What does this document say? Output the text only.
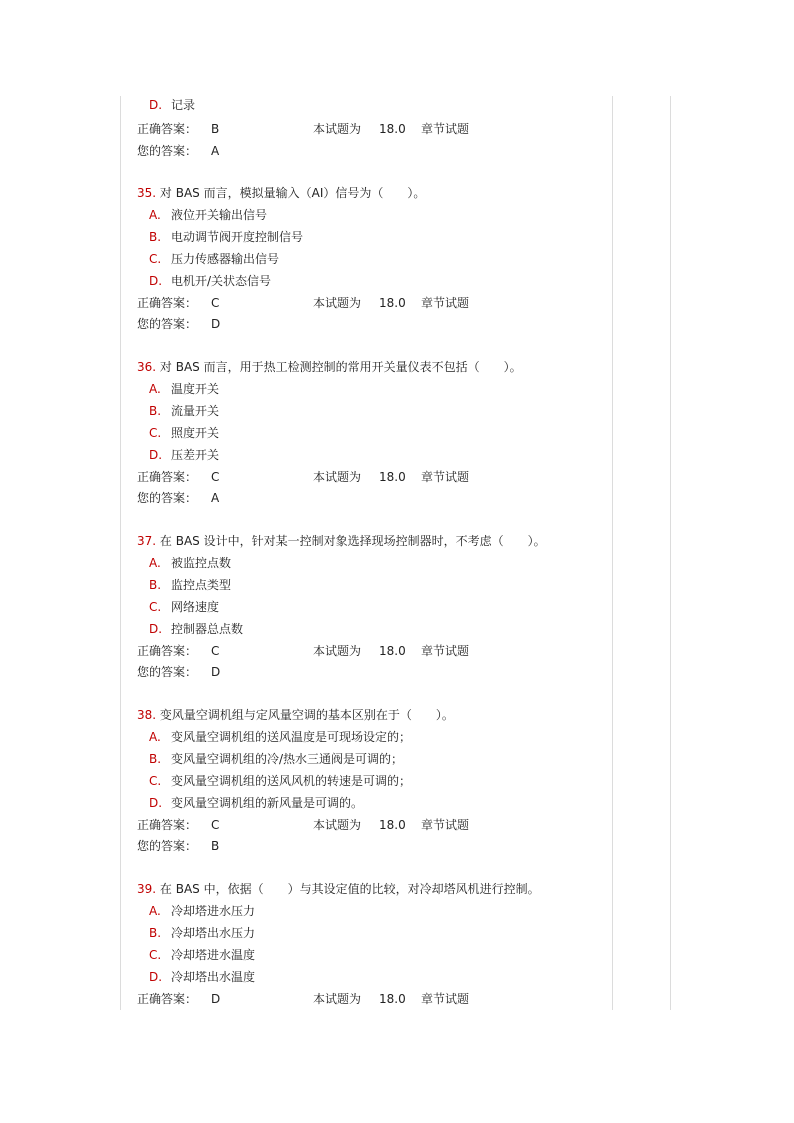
D. 记录
正确答案： B	本试题为 18.0 章节试题
您的答案： A
35. 对 BAS 而言，模拟量输入（AI）信号为（　　）。
A. 液位开关输出信号
B. 电动调节阀开度控制信号
C. 压力传感器输出信号
D. 电机开/关状态信号
正确答案： C	本试题为 18.0 章节试题
您的答案： D
36. 对 BAS 而言，用于热工检测控制的常用开关量仪表不包括（　　）。
A. 温度开关
B. 流量开关
C. 照度开关
D. 压差开关
正确答案： C	本试题为 18.0 章节试题
您的答案： A
37. 在 BAS 设计中，针对某一控制对象选择现场控制器时，不考虑（　　）。
A. 被监控点数
B. 监控点类型
C. 网络速度
D. 控制器总点数
正确答案： C	本试题为 18.0 章节试题
您的答案： D
38. 变风量空调机组与定风量空调的基本区别在于（　　）。
A. 变风量空调机组的送风温度是可现场设定的；
B. 变风量空调机组的冷/热水三通阀是可调的；
C. 变风量空调机组的送风风机的转速是可调的；
D. 变风量空调机组的新风量是可调的。
正确答案： C	本试题为 18.0 章节试题
您的答案： B
39. 在 BAS 中，依据（　　）与其设定值的比较，对冷却塔风机进行控制。
A. 冷却塔进水压力
B. 冷却塔出水压力
C. 冷却塔进水温度
D. 冷却塔出水温度
正确答案： D	本试题为 18.0 章节试题
